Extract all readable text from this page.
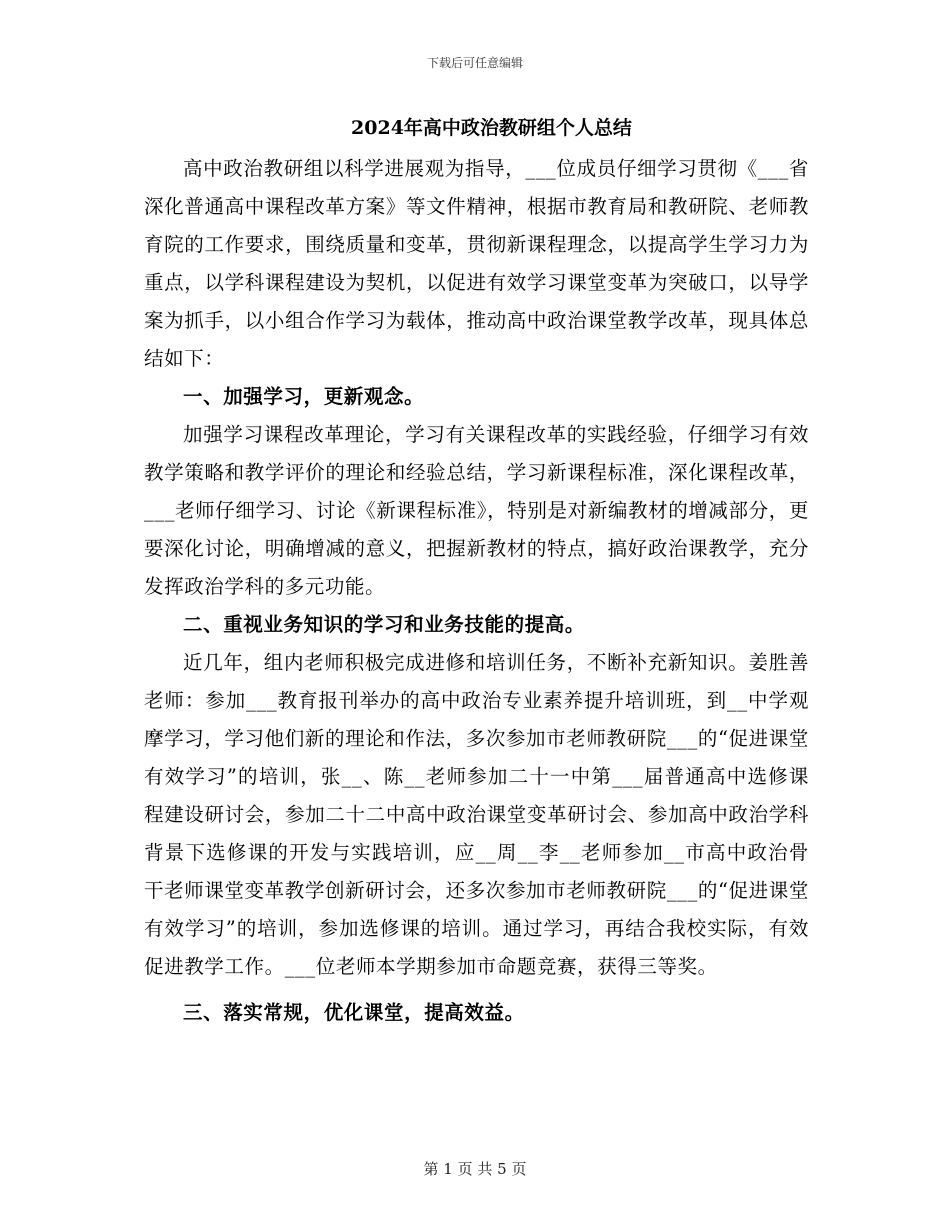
下载后可任意编辑
2024年高中政治教研组个人总结

高中政治教研组以科学进展观为指导，___位成员仔细学习贯彻《___省深化普通高中课程改革方案》等文件精神，根据市教育局和教研院、老师教育院的工作要求，围绕质量和变革，贯彻新课程理念，以提高学生学习力为重点，以学科课程建设为契机，以促进有效学习课堂变革为突破口，以导学案为抓手，以小组合作学习为载体，推动高中政治课堂教学改革，现具体总结如下：

一、加强学习，更新观念。

加强学习课程改革理论，学习有关课程改革的实践经验，仔细学习有效教学策略和教学评价的理论和经验总结，学习新课程标准，深化课程改革，___老师仔细学习、讨论《新课程标准》，特别是对新编教材的增减部分，更要深化讨论，明确增减的意义，把握新教材的特点，搞好政治课教学，充分发挥政治学科的多元功能。

二、重视业务知识的学习和业务技能的提高。

近几年，组内老师积极完成进修和培训任务，不断补充新知识。姜胜善老师：参加___教育报刊举办的高中政治专业素养提升培训班，到__中学观摩学习，学习他们新的理论和作法，多次参加市老师教研院___的“促进课堂有效学习”的培训，张__、陈__老师参加二十一中第___届普通高中选修课程建设研讨会，参加二十二中高中政治课堂变革研讨会、参加高中政治学科背景下选修课的开发与实践培训，应__周__李__老师参加__市高中政治骨干老师课堂变革教学创新研讨会，还多次参加市老师教研院___的“促进课堂有效学习”的培训，参加选修课的培训。通过学习，再结合我校实际，有效促进教学工作。___位老师本学期参加市命题竞赛，获得三等奖。

三、落实常规，优化课堂，提高效益。

第 1 页 共 5 页
